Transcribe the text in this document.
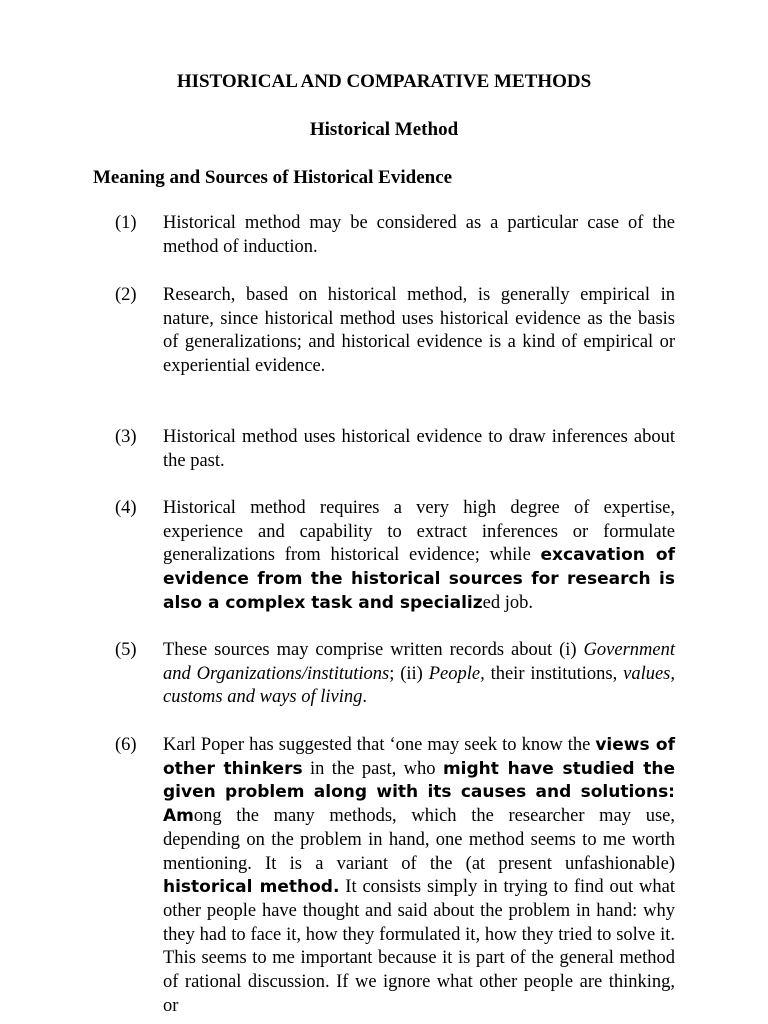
HISTORICAL AND COMPARATIVE METHODS
Historical Method
Meaning and Sources of Historical Evidence
(1) Historical method may be considered as a particular case of the method of induction.
(2) Research, based on historical method, is generally empirical in nature, since historical method uses historical evidence as the basis of generalizations; and historical evidence is a kind of empirical or experiential evidence.
(3) Historical method uses historical evidence to draw inferences about the past.
(4) Historical method requires a very high degree of expertise, experience and capability to extract inferences or formulate generalizations from historical evidence; while excavation of evidence from the historical sources for research is also a complex task and specialized job.
(5) These sources may comprise written records about (i) Government and Organizations/institutions; (ii) People, their institutions, values, customs and ways of living.
(6) Karl Poper has suggested that ‘one may seek to know the views of other thinkers in the past, who might have studied the given problem along with its causes and solutions: Among the many methods, which the researcher may use, depending on the problem in hand, one method seems to me worth mentioning. It is a variant of the (at present unfashionable) historical method. It consists simply in trying to find out what other people have thought and said about the problem in hand: why they had to face it, how they formulated it, how they tried to solve it. This seems to me important because it is part of the general method of rational discussion. If we ignore what other people are thinking, or
